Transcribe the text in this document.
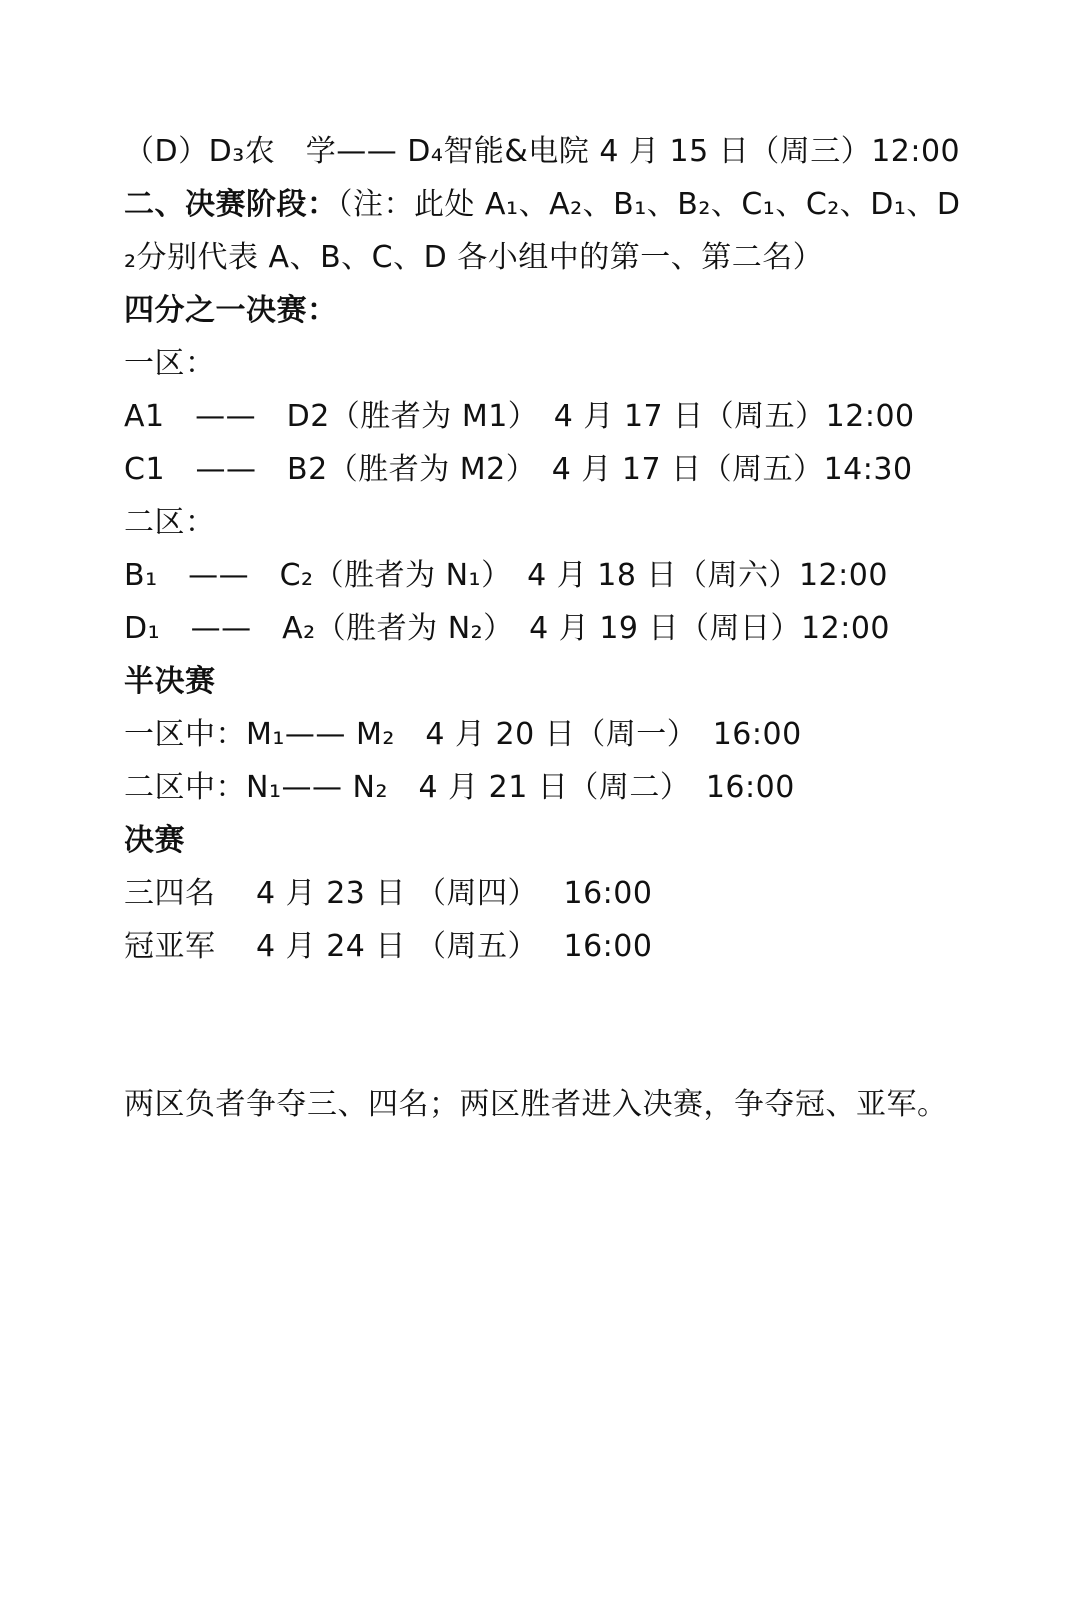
（D）D₃农　学—— D₄智能&电院 4 月 15 日（周三）12:00
二、决赛阶段：（注：此处 A₁、A₂、B₁、B₂、C₁、C₂、D₁、D
₂分别代表 A、B、C、D 各小组中的第一、第二名）
四分之一决赛：
一区：
A1　——　D2（胜者为 M1）　4 月 17 日（周五）12:00
C1　——　B2（胜者为 M2）　4 月 17 日（周五）14:30
二区：
B₁　——　C₂（胜者为 N₁）　4 月 18 日（周六）12:00
D₁　——　A₂（胜者为 N₂）　4 月 19 日（周日）12:00
半决赛
一区中：M₁—— M₂　4 月 20 日（周一）　16:00
二区中：N₁—— N₂　4 月 21 日（周二）　16:00
决赛
三四名　 4 月 23 日 （周四）　 16:00
冠亚军　 4 月 24 日 （周五）　 16:00
两区负者争夺三、四名；两区胜者进入决赛，争夺冠、亚军。
